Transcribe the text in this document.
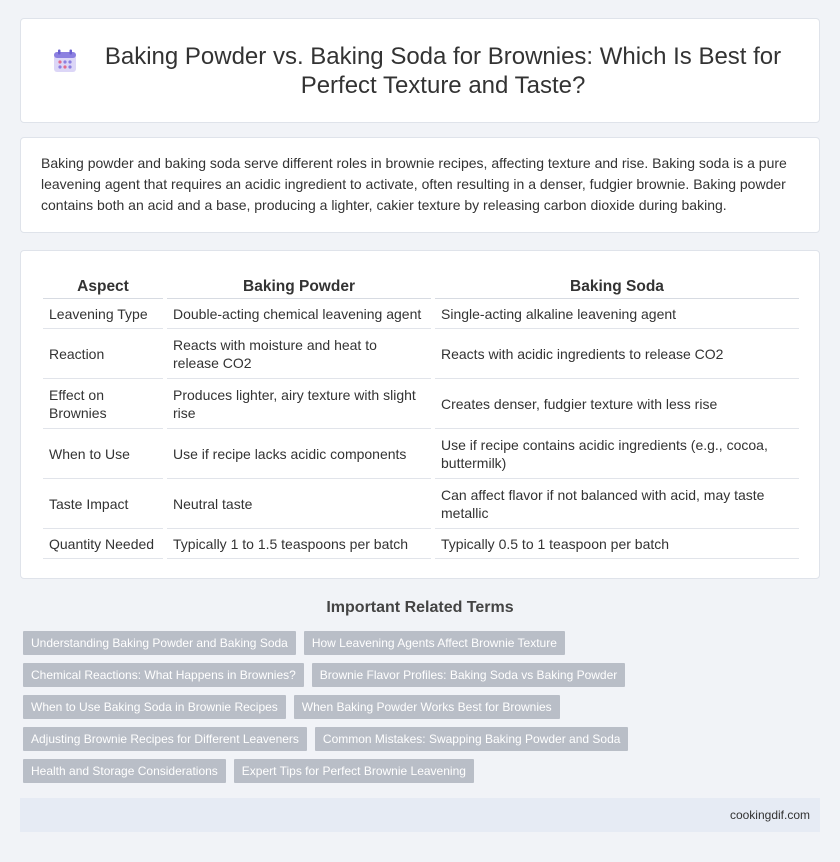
Baking Powder vs. Baking Soda for Brownies: Which Is Best for Perfect Texture and Taste?

Baking powder and baking soda serve different roles in brownie recipes, affecting texture and rise. Baking soda is a pure leavening agent that requires an acidic ingredient to activate, often resulting in a denser, fudgier brownie. Baking powder contains both an acid and a base, producing a lighter, cakier texture by releasing carbon dioxide during baking.

Aspect	Baking Powder	Baking Soda
Leavening Type	Double-acting chemical leavening agent	Single-acting alkaline leavening agent
Reaction	Reacts with moisture and heat to release CO2	Reacts with acidic ingredients to release CO2
Effect on Brownies	Produces lighter, airy texture with slight rise	Creates denser, fudgier texture with less rise
When to Use	Use if recipe lacks acidic components	Use if recipe contains acidic ingredients (e.g., cocoa, buttermilk)
Taste Impact	Neutral taste	Can affect flavor if not balanced with acid, may taste metallic
Quantity Needed	Typically 1 to 1.5 teaspoons per batch	Typically 0.5 to 1 teaspoon per batch
Important Related Terms
Understanding Baking Powder and Baking Soda	How Leavening Agents Affect Brownie Texture
Chemical Reactions: What Happens in Brownies?	Brownie Flavor Profiles: Baking Soda vs Baking Powder
When to Use Baking Soda in Brownie Recipes	When Baking Powder Works Best for Brownies
Adjusting Brownie Recipes for Different Leaveners	Common Mistakes: Swapping Baking Powder and Soda
Health and Storage Considerations	Expert Tips for Perfect Brownie Leavening
cookingdif.com
